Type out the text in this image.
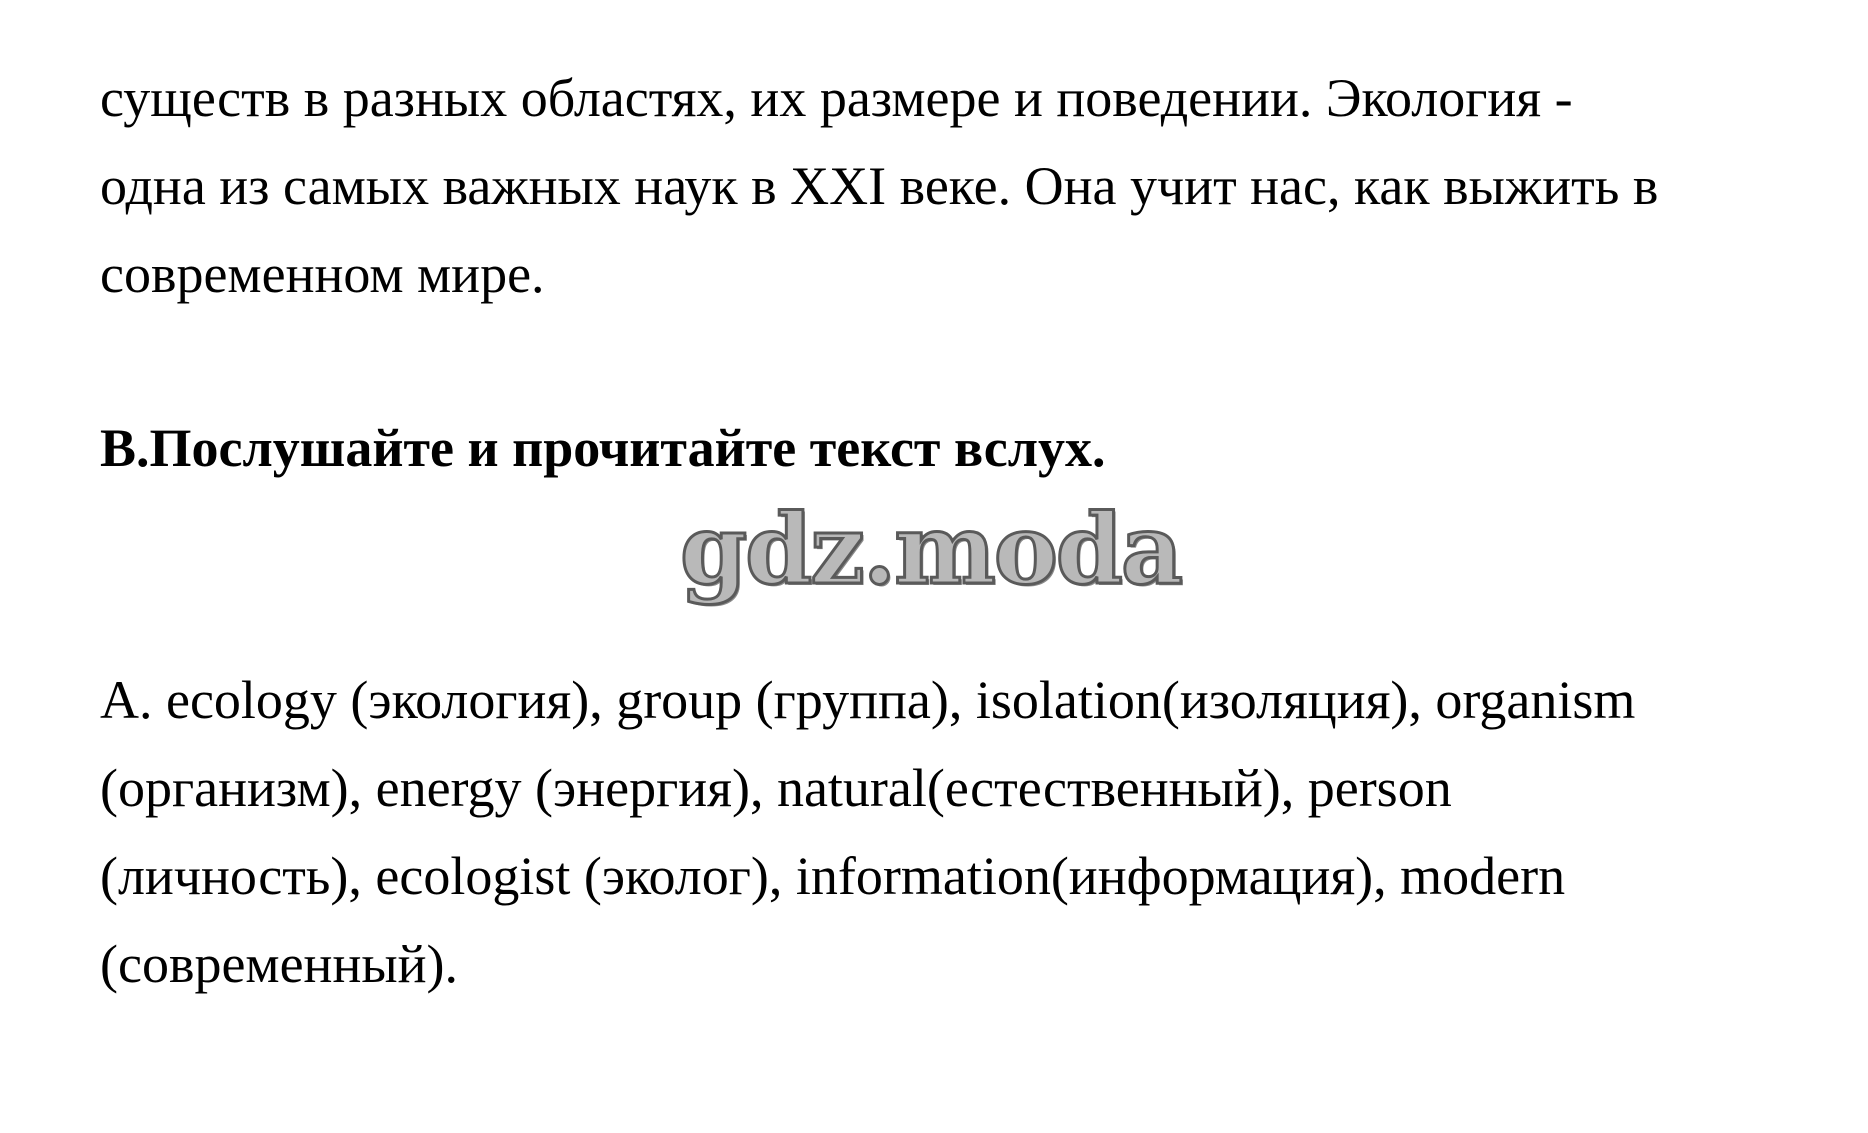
существ в разных областях, их размере и поведении. Экология -
одна из самых важных наук в XXI веке. Она учит нас, как выжить в
современном мире.
B.Послушайте и прочитайте текст вслух.
gdz.moda
A. ecology (экология), group (группа), isolation(изоляция), organism
(организм), energy (энергия), natural(естественный), person
(личность), ecologist (эколог), information(информация), modern
(современный).
